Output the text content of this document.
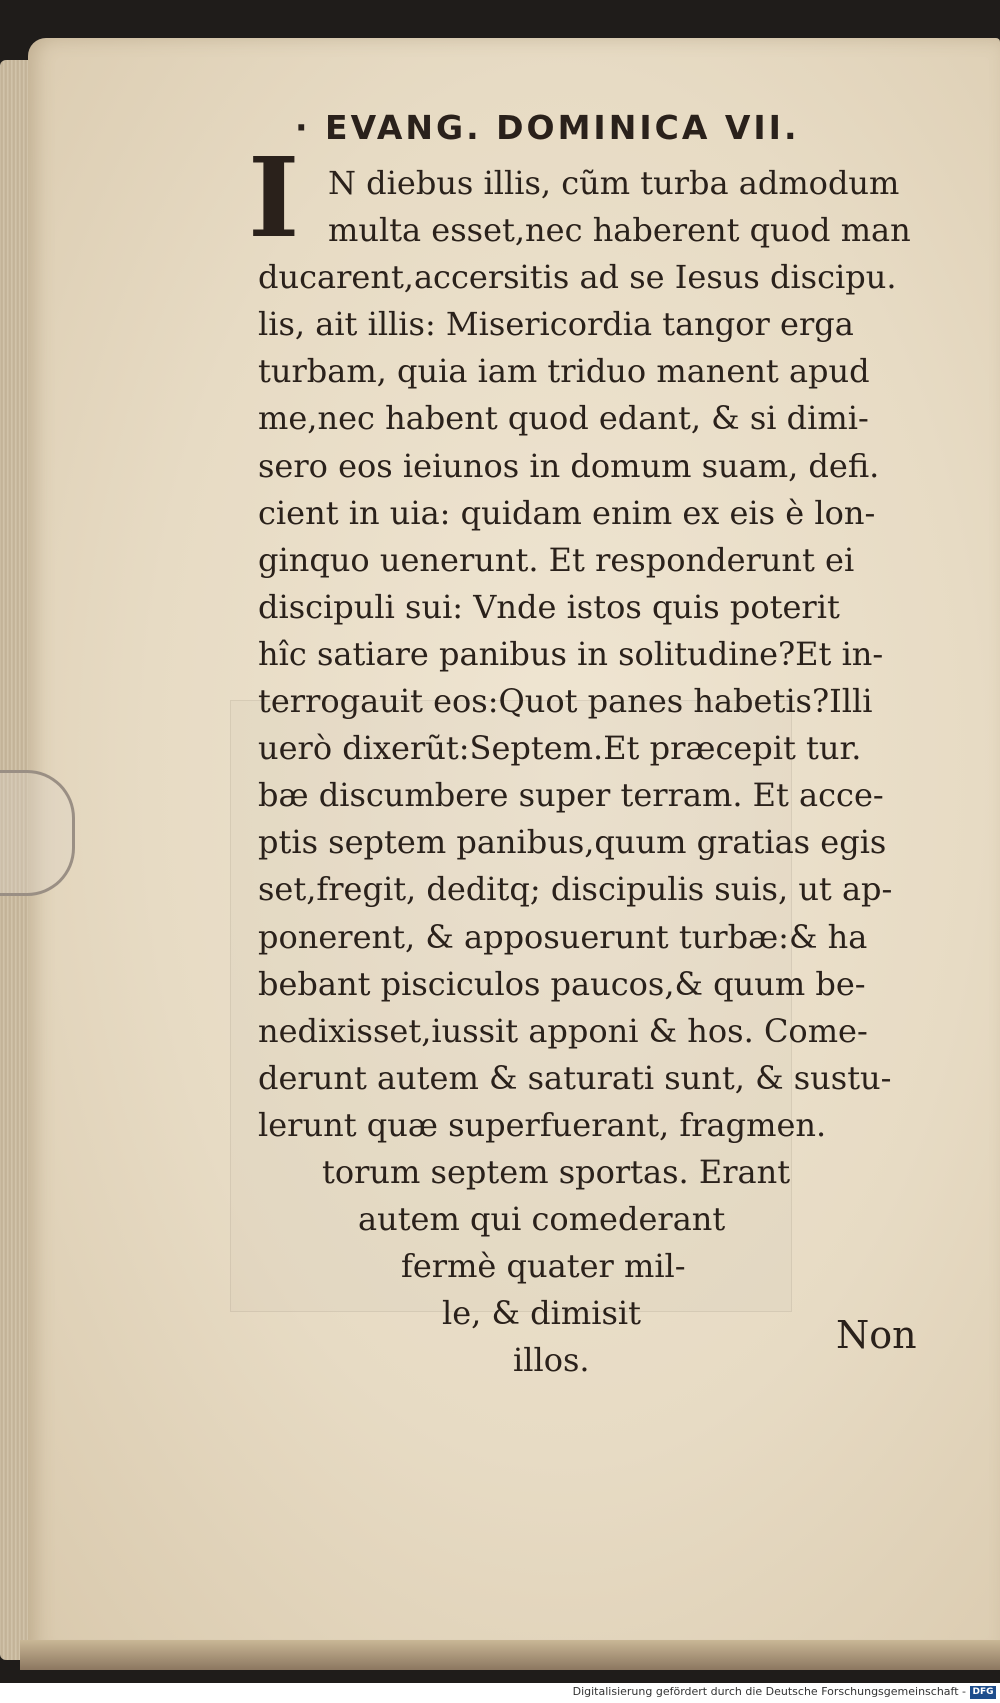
· EVANG. DOMINICA VII.
I N diebus illis, cũm turba admodum
multa esset,nec haberent quod man
ducarent,accersitis ad se Iesus discipu.
lis, ait illis: Misericordia tangor erga
turbam, quia iam triduo manent apud
me,nec habent quod edant, & si dimi-
sero eos ieiunos in domum suam, defi.
cient in uia: quidam enim ex eis è lon-
ginquo uenerunt. Et responderunt ei
discipuli sui: Vnde istos quis poterit
hîc satiare panibus in solitudine?Et in-
terrogauit eos:Quot panes habetis?Illi
uerò dixerũt:Septem.Et præcepit tur.
bæ discumbere super terram. Et acce-
ptis septem panibus,quum gratias egis
set,fregit, deditq; discipulis suis, ut ap-
ponerent, & apposuerunt turbæ:& ha
bebant pisciculos paucos,& quum be-
nedixisset,iussit apponi & hos. Come-
derunt autem & saturati sunt, & sustu-
lerunt quæ superfuerant, fragmen.
torum septem sportas. Erant
autem qui comederant
fermè quater mil-
le, & dimisit
illos.
Non
Digitalisierung gefördert durch die Deutsche Forschungsgemeinschaft - DFG
